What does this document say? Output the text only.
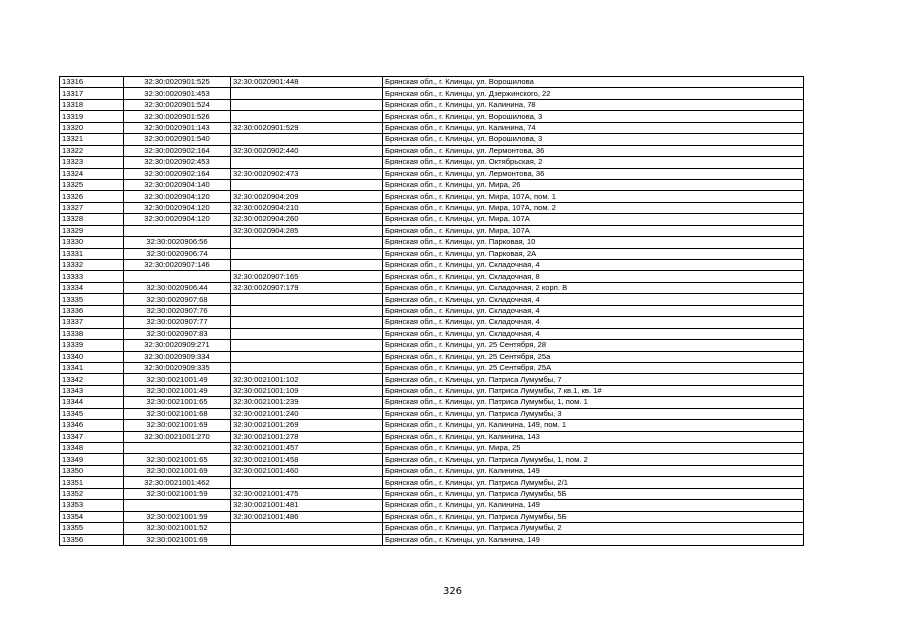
13316	32:30:0020901:525	32:30:0020901:448	Брянская обл., г. Клинцы, ул. Ворошилова
13317	32:30:0020901:453		Брянская обл., г. Клинцы, ул. Дзержинского, 22
13318	32:30:0020901:524		Брянская обл., г. Клинцы, ул. Калинина, 78
13319	32:30:0020901:526		Брянская обл., г. Клинцы, ул. Ворошилова, 3
13320	32:30:0020901:143	32:30:0020901:529	Брянская обл., г. Клинцы, ул. Калинина, 74
13321	32:30:0020901:540		Брянская обл., г. Клинцы, ул. Ворошилова, 3
13322	32:30:0020902:164	32:30:0020902:440	Брянская обл., г. Клинцы, ул. Лермонтова, 36
13323	32:30:0020902:453		Брянская обл., г. Клинцы, ул. Октябрьская, 2
13324	32:30:0020902:164	32:30:0020902:473	Брянская обл., г. Клинцы, ул. Лермонтова, 36
13325	32:30:0020904:140		Брянская обл., г. Клинцы, ул. Мира, 26
13326	32:30:0020904:120	32:30:0020904:209	Брянская обл., г. Клинцы, ул. Мира, 107А, пом. 1
13327	32:30:0020904:120	32:30:0020904:210	Брянская обл., г. Клинцы, ул. Мира, 107А, пом. 2
13328	32:30:0020904:120	32:30:0020904:260	Брянская обл., г. Клинцы, ул. Мира, 107А
13329		32:30:0020904:285	Брянская обл., г. Клинцы, ул. Мира, 107А
13330	32:30:0020906:56		Брянская обл., г. Клинцы, ул. Парковая, 10
13331	32:30:0020906:74		Брянская обл., г. Клинцы, ул. Парковая, 2А
13332	32:30:0020907:146		Брянская обл., г. Клинцы, ул. Складочная, 4
13333		32:30:0020907:165	Брянская обл., г. Клинцы, ул. Складочная, 8
13334	32:30:0020906:44	32:30:0020907:179	Брянская обл., г. Клинцы, ул. Складочная, 2 корп. В
13335	32:30:0020907:68		Брянская обл., г. Клинцы, ул. Складочная, 4
13336	32:30:0020907:76		Брянская обл., г. Клинцы, ул. Складочная, 4
13337	32:30:0020907:77		Брянская обл., г. Клинцы, ул. Складочная, 4
13338	32:30:0020907:83		Брянская обл., г. Клинцы, ул. Складочная, 4
13339	32:30:0020909:271		Брянская обл., г. Клинцы, ул. 25 Сентября, 28
13340	32:30:0020909:334		Брянская обл., г. Клинцы, ул. 25 Сентября, 25а
13341	32:30:0020909:335		Брянская обл., г. Клинцы, ул. 25 Сентября, 25А
13342	32:30:0021001:49	32:30:0021001:102	Брянская обл., г. Клинцы, ул. Патриса Лумумбы, 7
13343	32:30:0021001:49	32:30:0021001:109	Брянская обл., г. Клинцы, ул. Патриса Лумумбы, 7 кв.1, кв. 1#
13344	32:30:0021001:65	32:30:0021001:239	Брянская обл., г. Клинцы, ул. Патриса Лумумбы, 1, пом. 1
13345	32:30:0021001:68	32:30:0021001:240	Брянская обл., г. Клинцы, ул. Патриса Лумумбы, 3
13346	32:30:0021001:69	32:30:0021001:269	Брянская обл., г. Клинцы, ул. Калинина, 149, пом. 1
13347	32:30:0021001:270	32:30:0021001:278	Брянская обл., г. Клинцы, ул. Калинина, 143
13348		32:30:0021001:457	Брянская обл., г. Клинцы, ул. Мира, 25
13349	32:30:0021001:65	32:30:0021001:458	Брянская обл., г. Клинцы, ул. Патриса Лумумбы, 1, пом. 2
13350	32:30:0021001:69	32:30:0021001:460	Брянская обл., г. Клинцы, ул. Калинина, 149
13351	32:30:0021001:462		Брянская обл., г. Клинцы, ул. Патриса Лумумбы, 2/1
13352	32:30:0021001:59	32:30:0021001:475	Брянская обл., г. Клинцы, ул. Патриса Лумумбы, 5Б
13353		32:30:0021001:481	Брянская обл., г. Клинцы, ул. Калинина, 149
13354	32:30:0021001:59	32:30:0021001:486	Брянская обл., г. Клинцы, ул. Патриса Лумумбы, 5Б
13355	32:30:0021001:52		Брянская обл., г. Клинцы, ул. Патриса Лумумбы, 2
13356	32:30:0021001:69		Брянская обл., г. Клинцы, ул. Калинина, 149
326
